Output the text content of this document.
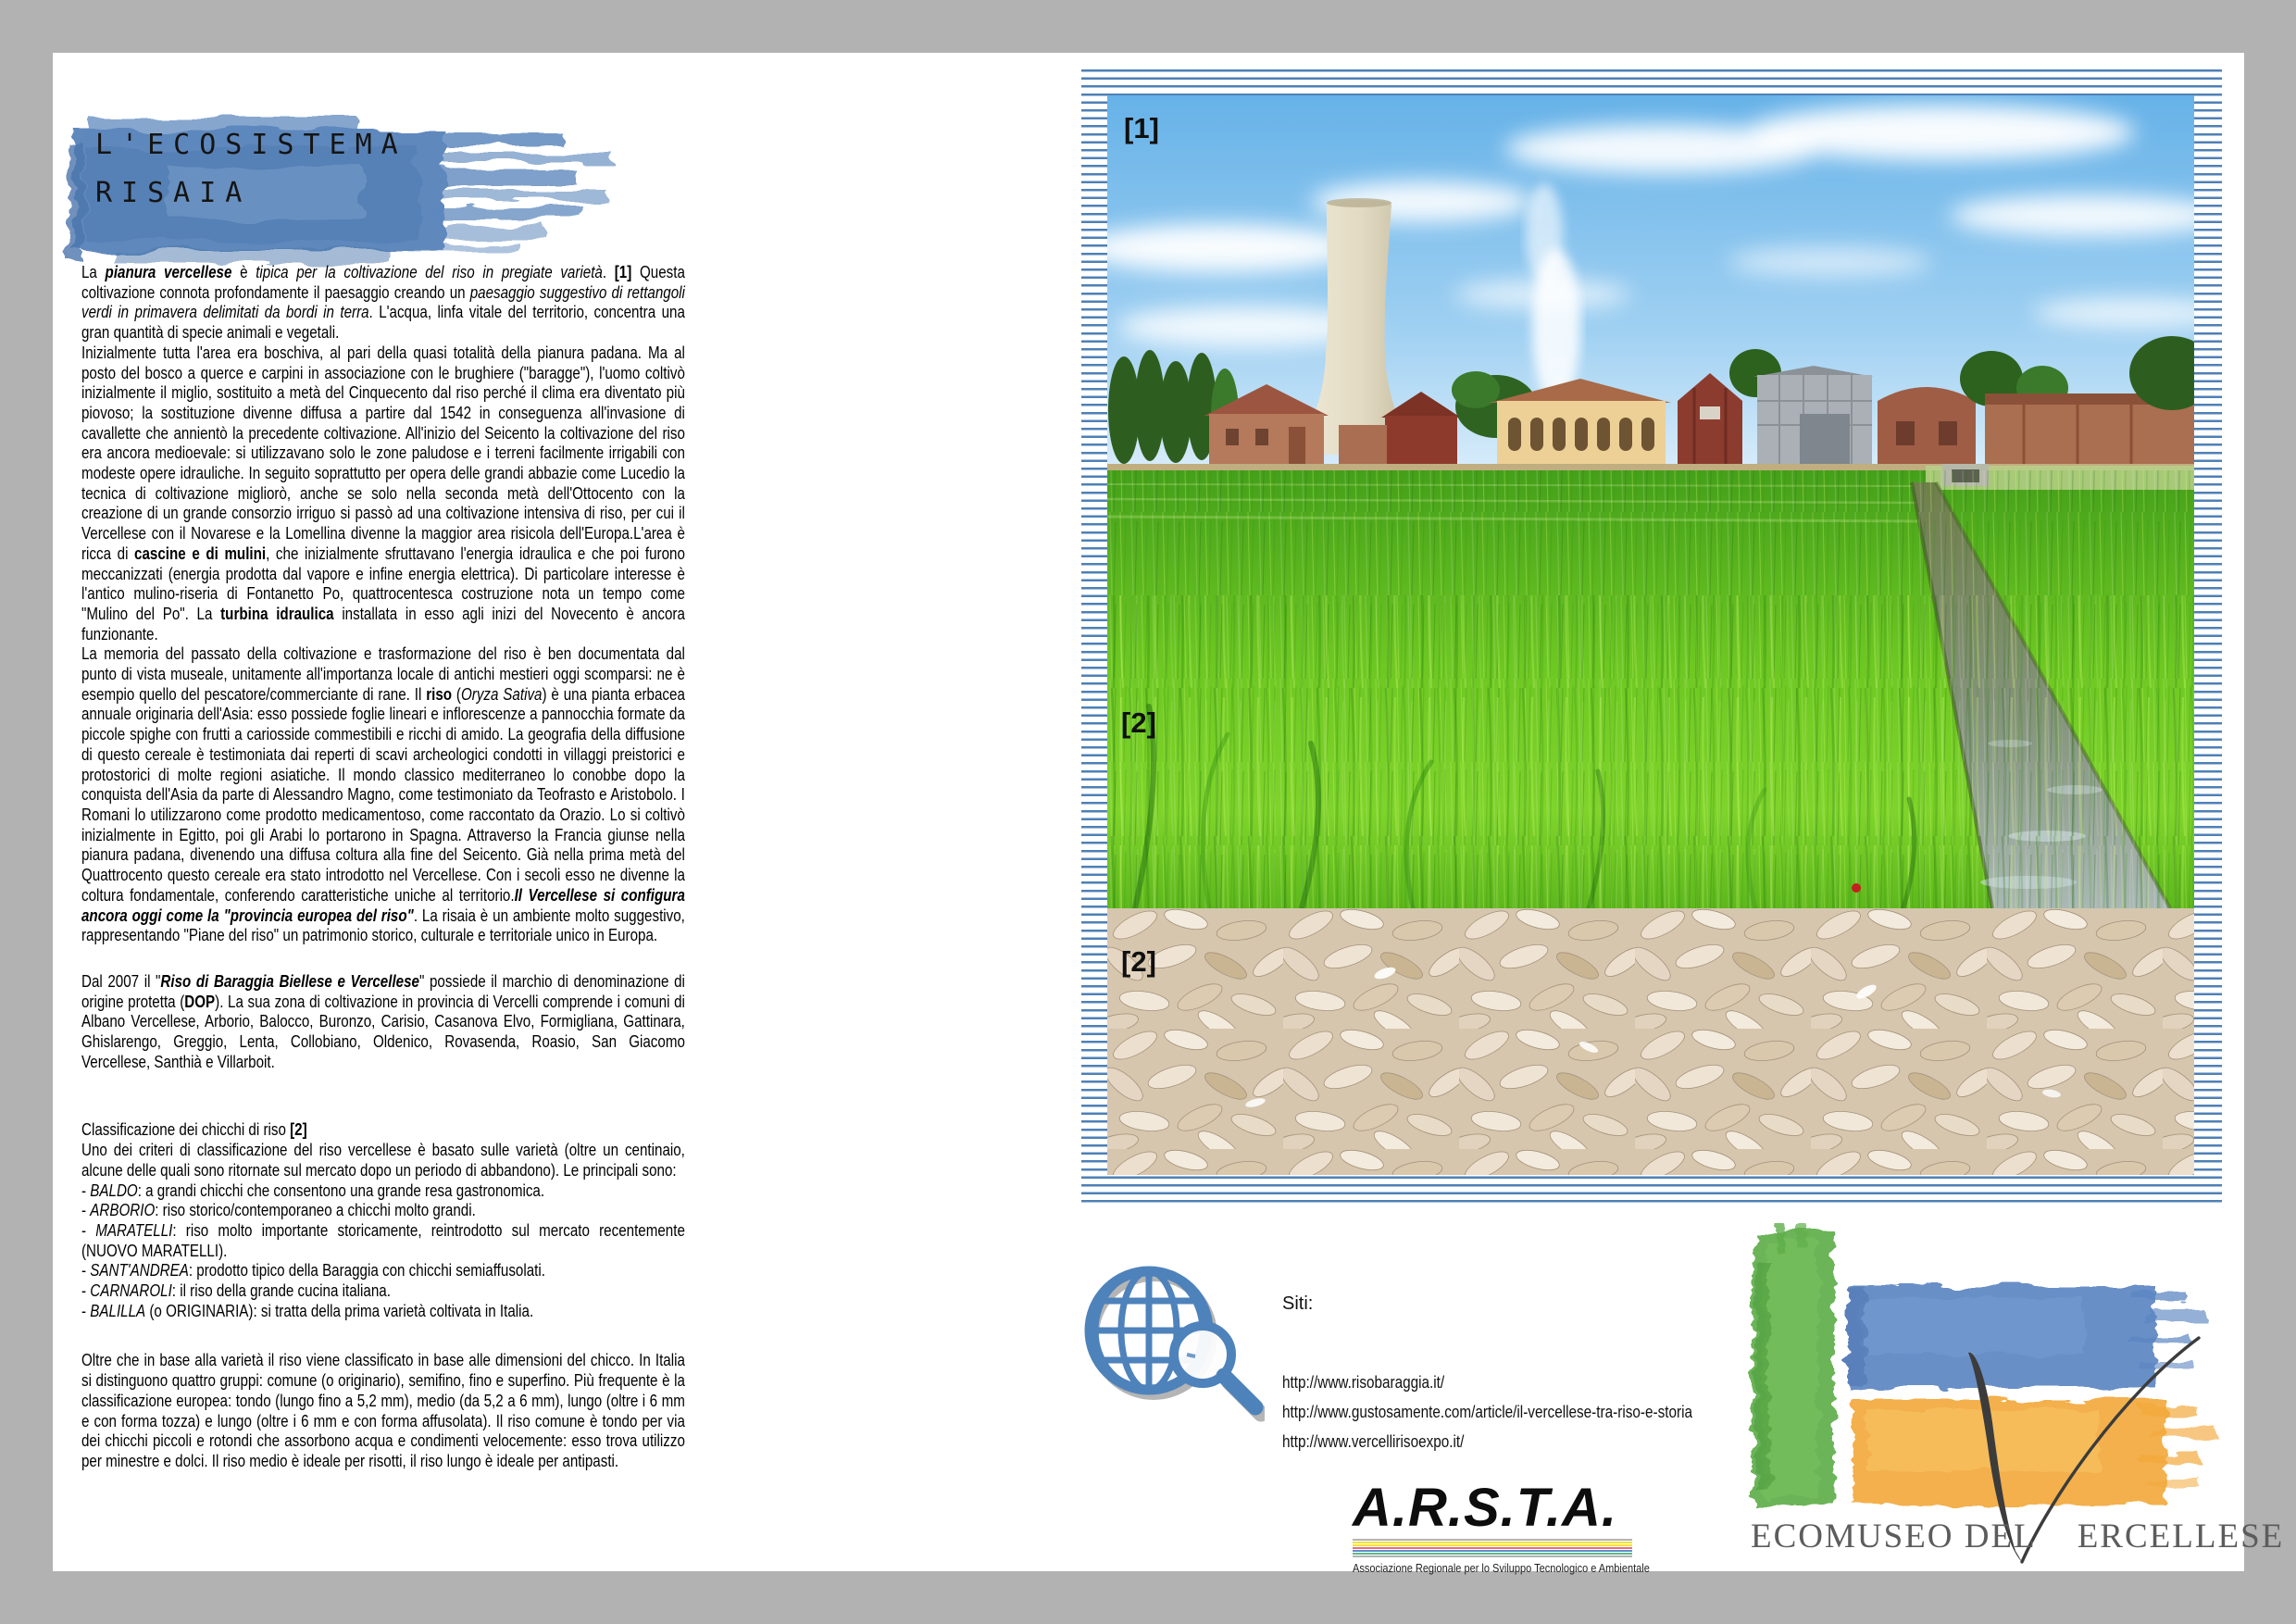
L'ECOSISTEMA
RISAIA

La pianura vercellese è tipica per la coltivazione del riso in pregiate varietà. [1] Questa coltivazione connota profondamente il paesaggio creando un paesaggio suggestivo di rettangoli verdi in primavera delimitati da bordi in terra. L'acqua, linfa vitale del territorio, concentra una gran quantità di specie animali e vegetali.

Inizialmente tutta l'area era boschiva, al pari della quasi totalità della pianura padana. Ma al posto del bosco a querce e carpini in associazione con le brughiere ("baragge"), l'uomo coltivò inizialmente il miglio, sostituito a metà del Cinquecento dal riso perché il clima era diventato più piovoso; la sostituzione divenne diffusa a partire dal 1542 in conseguenza all'invasione di cavallette che annientò la precedente coltivazione. All'inizio del Seicento la coltivazione del riso era ancora medioevale: si utilizzavano solo le zone paludose e i terreni facilmente irrigabili con modeste opere idrauliche. In seguito soprattutto per opera delle grandi abbazie come Lucedio la tecnica di coltivazione migliorò, anche se solo nella seconda metà dell'Ottocento con la creazione di un grande consorzio irriguo si passò ad una coltivazione intensiva di riso, per cui il Vercellese con il Novarese e la Lomellina divenne la maggior area risicola dell'Europa.L'area è ricca di cascine e di mulini, che inizialmente sfruttavano l'energia idraulica e che poi furono meccanizzati (energia prodotta dal vapore e infine energia elettrica). Di particolare interesse è l'antico mulino-riseria di Fontanetto Po, quattrocentesca costruzione nota un tempo come "Mulino del Po". La turbina idraulica installata in esso agli inizi del Novecento è ancora funzionante.

La memoria del passato della coltivazione e trasformazione del riso è ben documentata dal punto di vista museale, unitamente all'importanza locale di antichi mestieri oggi scomparsi: ne è esempio quello del pescatore/commerciante di rane. Il riso (Oryza Sativa) è una pianta erbacea annuale originaria dell'Asia: esso possiede foglie lineari e inflorescenze a pannocchia formate da piccole spighe con frutti a cariosside commestibili e ricchi di amido. La geografia della diffusione di questo cereale è testimoniata dai reperti di scavi archeologici condotti in villaggi preistorici e protostorici di molte regioni asiatiche. Il mondo classico mediterraneo lo conobbe dopo la conquista dell'Asia da parte di Alessandro Magno, come testimoniato da Teofrasto e Aristobolo. I Romani lo utilizzarono come prodotto medicamentoso, come raccontato da Orazio. Lo si coltivò inizialmente in Egitto, poi gli Arabi lo portarono in Spagna. Attraverso la Francia giunse nella pianura padana, divenendo una diffusa coltura alla fine del Seicento. Già nella prima metà del Quattrocento questo cereale era stato introdotto nel Vercellese. Con i secoli esso ne divenne la coltura fondamentale, conferendo caratteristiche uniche al territorio.Il Vercellese si configura ancora oggi come la "provincia europea del riso". La risaia è un ambiente molto suggestivo, rappresentando "Piane del riso" un patrimonio storico, culturale e territoriale unico in Europa.

Dal 2007 il "Riso di Baraggia Biellese e Vercellese" possiede il marchio di denominazione di origine protetta (DOP). La sua zona di coltivazione in provincia di Vercelli comprende i comuni di Albano Vercellese, Arborio, Balocco, Buronzo, Carisio, Casanova Elvo, Formigliana, Gattinara, Ghislarengo, Greggio, Lenta, Collobiano, Oldenico, Rovasenda, Roasio, San Giacomo Vercellese, Santhià e Villarboit.

Classificazione dei chicchi di riso [2]

Uno dei criteri di classificazione del riso vercellese è basato sulle varietà (oltre un centinaio, alcune delle quali sono ritornate sul mercato dopo un periodo di abbandono). Le principali sono:

- BALDO: a grandi chicchi che consentono una grande resa gastronomica.

- ARBORIO: riso storico/contemporaneo a chicchi molto grandi.

- MARATELLI: riso molto importante storicamente, reintrodotto sul mercato recentemente (NUOVO MARATELLI).

- SANT'ANDREA: prodotto tipico della Baraggia con chicchi semiaffusolati.

- CARNAROLI: il riso della grande cucina italiana.

- BALILLA (o ORIGINARIA): si tratta della prima varietà coltivata in Italia.

Oltre che in base alla varietà il riso viene classificato in base alle dimensioni del chicco. In Italia si distinguono quattro gruppi: comune (o originario), semifino, fino e superfino. Più frequente è la classificazione europea: tondo (lungo fino a 5,2 mm), medio (da 5,2 a 6 mm), lungo (oltre i 6 mm e con forma tozza) e lungo (oltre i 6 mm e con forma affusolata). Il riso comune è tondo per via dei chicchi piccoli e rotondi che assorbono acqua e condimenti velocemente: esso trova utilizzo per minestre e dolci. Il riso medio è ideale per risotti, il riso lungo è ideale per antipasti.

[1]
[2]
[2]
Siti:
http://www.risobaraggia.it/
http://www.gustosamente.com/article/il-vercellese-tra-riso-e-storia
http://www.vercellirisoexpo.it/
A.R.S.T.A.
Associazione Regionale per lo Sviluppo Tecnologico e Ambientale
ECOMUSEO DEL ERCELLESE
